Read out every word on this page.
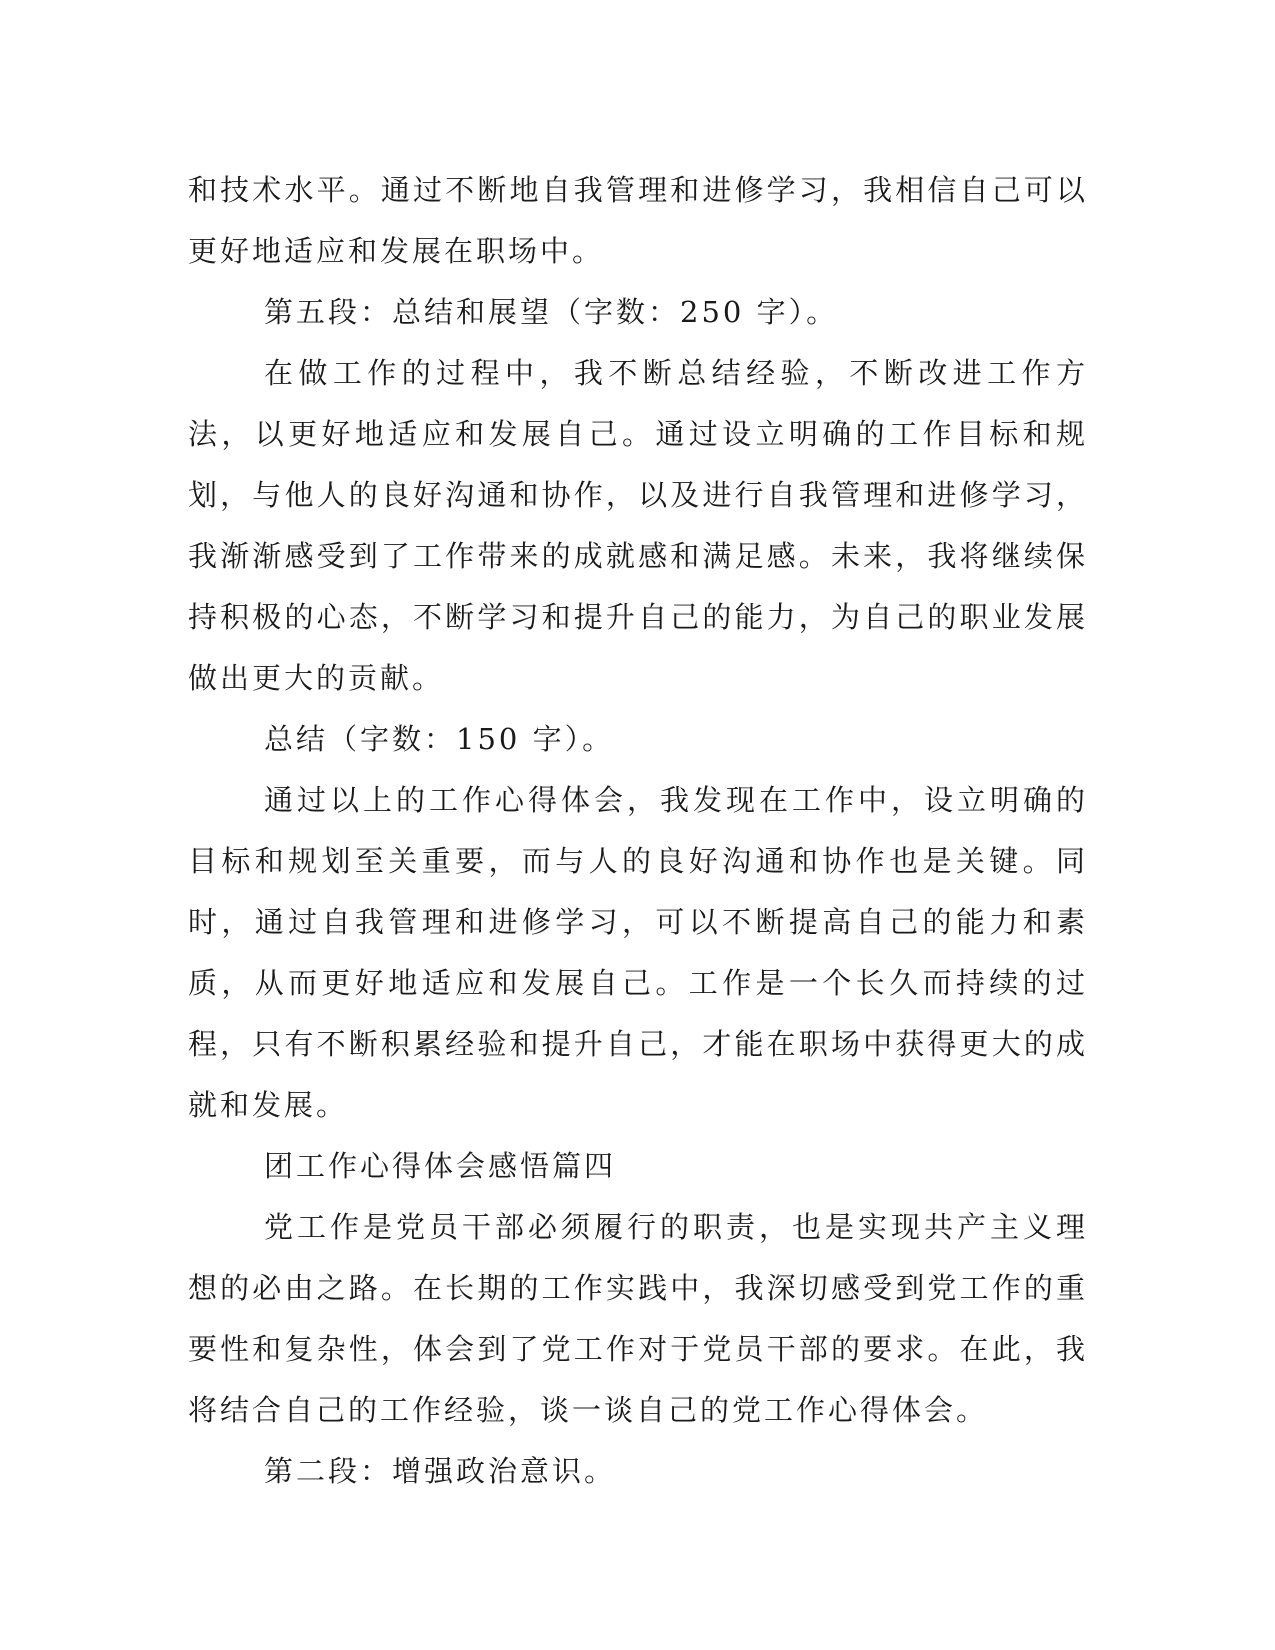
和技术水平。通过不断地自我管理和进修学习，我相信自己可以更好地适应和发展在职场中。

第五段：总结和展望（字数：250 字）。

在做工作的过程中，我不断总结经验，不断改进工作方法，以更好地适应和发展自己。通过设立明确的工作目标和规划，与他人的良好沟通和协作，以及进行自我管理和进修学习，我渐渐感受到了工作带来的成就感和满足感。未来，我将继续保持积极的心态，不断学习和提升自己的能力，为自己的职业发展做出更大的贡献。

总结（字数：150 字）。

通过以上的工作心得体会，我发现在工作中，设立明确的目标和规划至关重要，而与人的良好沟通和协作也是关键。同时，通过自我管理和进修学习，可以不断提高自己的能力和素质，从而更好地适应和发展自己。工作是一个长久而持续的过程，只有不断积累经验和提升自己，才能在职场中获得更大的成就和发展。

团工作心得体会感悟篇四

党工作是党员干部必须履行的职责，也是实现共产主义理想的必由之路。在长期的工作实践中，我深切感受到党工作的重要性和复杂性，体会到了党工作对于党员干部的要求。在此，我将结合自己的工作经验，谈一谈自己的党工作心得体会。

第二段：增强政治意识。
